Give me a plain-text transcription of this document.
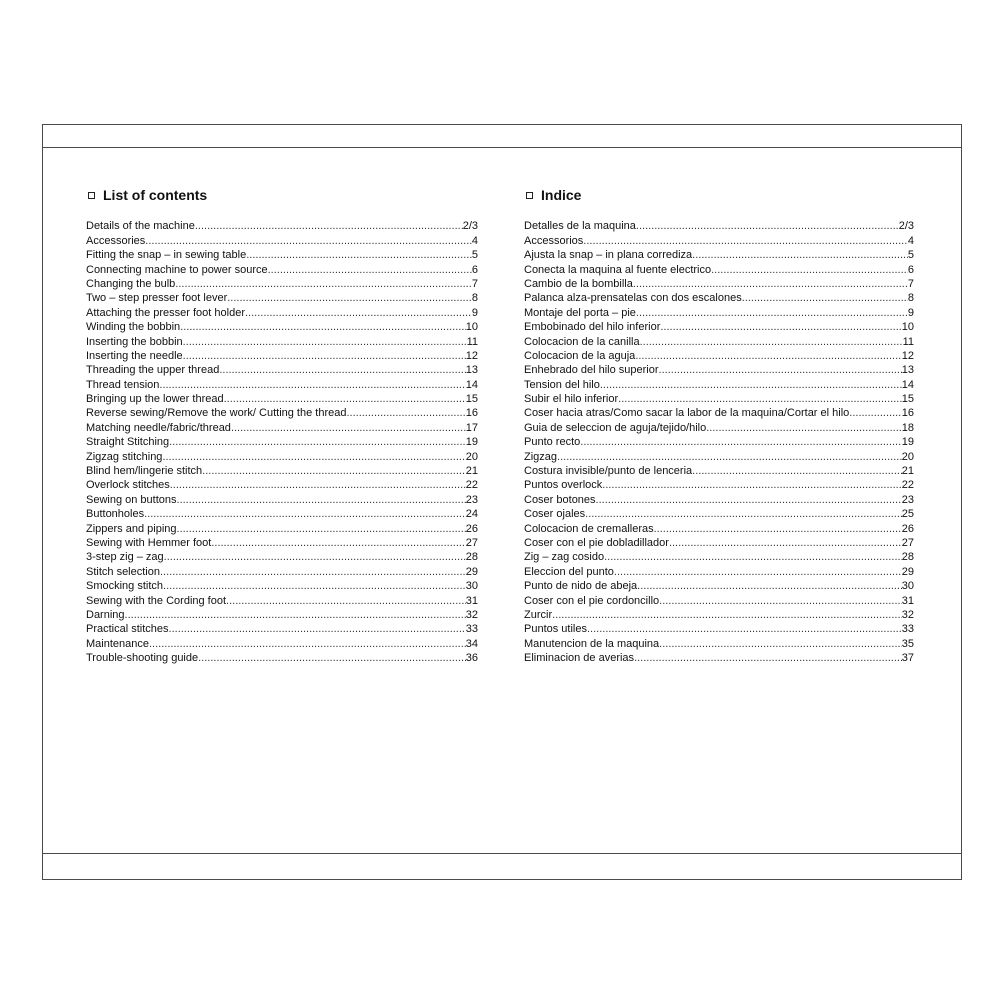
List of contents
Details of the machine .....	2/3
Accessories .....	4
Fitting the snap – in sewing table .....	5
Connecting machine to power source .....	6
Changing the bulb .....	7
Two – step presser foot lever .....	8
Attaching the presser foot holder .....	9
Winding the bobbin .....	10
Inserting the bobbin .....	11
Inserting the needle .....	12
Threading the upper thread .....	13
Thread tension .....	14
Bringing up the lower thread .....	15
Reverse sewing/Remove the work/ Cutting the thread .....	16
Matching needle/fabric/thread .....	17
Straight Stitching .....	19
Zigzag stitching .....	20
Blind hem/lingerie stitch .....	21
Overlock stitches .....	22
Sewing on buttons .....	23
Buttonholes .....	24
Zippers and piping .....	26
Sewing with Hemmer foot .....	27
3-step zig – zag .....	28
Stitch selection .....	29
Smocking stitch .....	30
Sewing with the Cording foot .....	31
Darning .....	32
Practical stitches .....	33
Maintenance .....	34
Trouble-shooting guide .....	36
Indice
Detalles de la maquina .....	2/3
Accessorios .....	4
Ajusta la snap – in plana corrediza .....	5
Conecta la maquina al fuente electrico .....	6
Cambio de la bombilla .....	7
Palanca alza-prensatelas con dos escalones .....	8
Montaje del porta – pie .....	9
Embobinado del hilo inferior .....	10
Colocacion de la canilla .....	11
Colocacion de la aguja .....	12
Enhebrado del hilo superior .....	13
Tension del hilo .....	14
Subir el hilo inferior .....	15
Coser hacia atras/Como sacar la labor de la maquina/Cortar el hilo .....	16
Guia de seleccion de aguja/tejido/hilo .....	18
Punto recto .....	19
Zigzag .....	20
Costura invisible/punto de lenceria .....	21
Puntos overlock .....	22
Coser botones .....	23
Coser ojales .....	25
Colocacion de cremalleras .....	26
Coser con el pie dobladillador .....	27
Zig – zag cosido .....	28
Eleccion del punto .....	29
Punto de nido de abeja .....	30
Coser con el pie cordoncillo .....	31
Zurcir .....	32
Puntos utiles .....	33
Manutencion de la maquina .....	35
Eliminacion de averias .....	37
